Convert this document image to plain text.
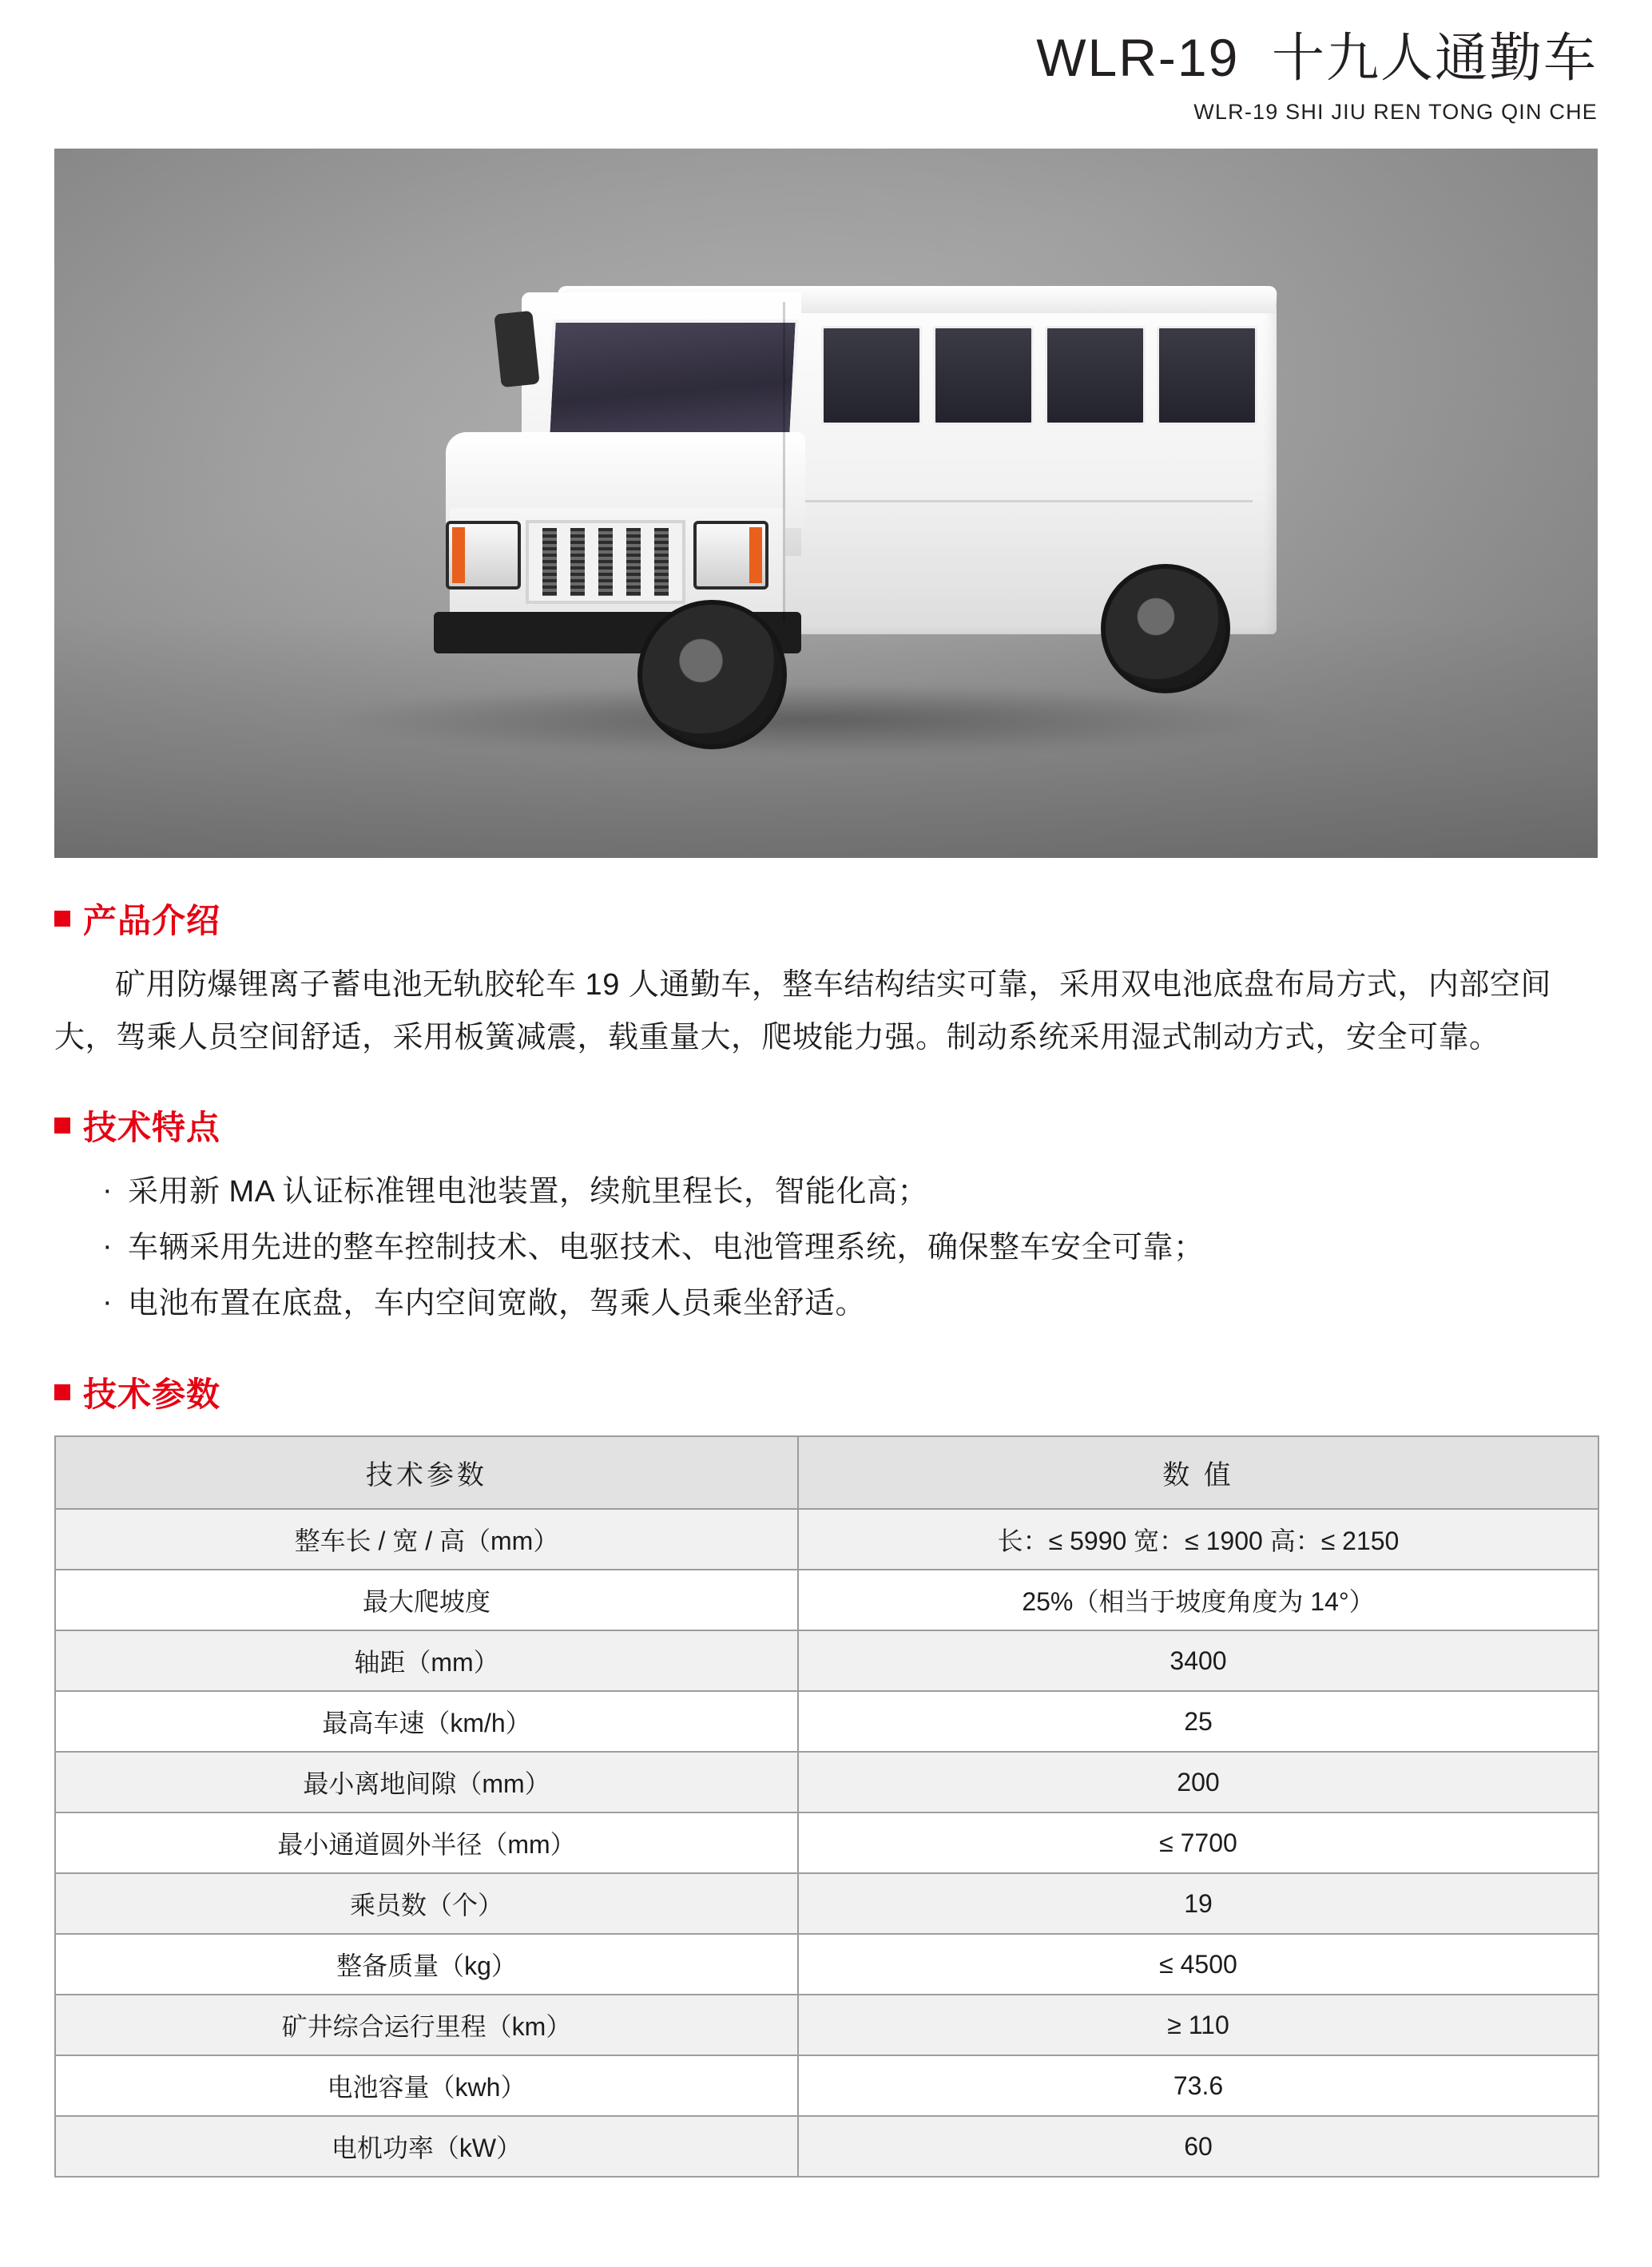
WLR-19  十九人通勤车
WLR-19 SHI JIU REN TONG QIN CHE
产品介绍

矿用防爆锂离子蓄电池无轨胶轮车 19 人通勤车，整车结构结实可靠，采用双电池底盘布局方式，内部空间大，驾乘人员空间舒适，采用板簧减震，载重量大，爬坡能力强。制动系统采用湿式制动方式，安全可靠。

技术特点
· 采用新 MA 认证标准锂电池装置，续航里程长，智能化高；
· 车辆采用先进的整车控制技术、电驱技术、电池管理系统，确保整车安全可靠；
· 电池布置在底盘，车内空间宽敞，驾乘人员乘坐舒适。
技术参数
技术参数	数 值
整车长 / 宽 / 高（mm）	长：≤ 5990 宽：≤ 1900 高：≤ 2150
最大爬坡度	25%（相当于坡度角度为 14°）
轴距（mm）	3400
最高车速（km/h）	25
最小离地间隙（mm）	200
最小通道圆外半径（mm）	≤ 7700
乘员数（个）	19
整备质量（kg）	≤ 4500
矿井综合运行里程（km）	≥ 110
电池容量（kwh）	73.6
电机功率（kW）	60
